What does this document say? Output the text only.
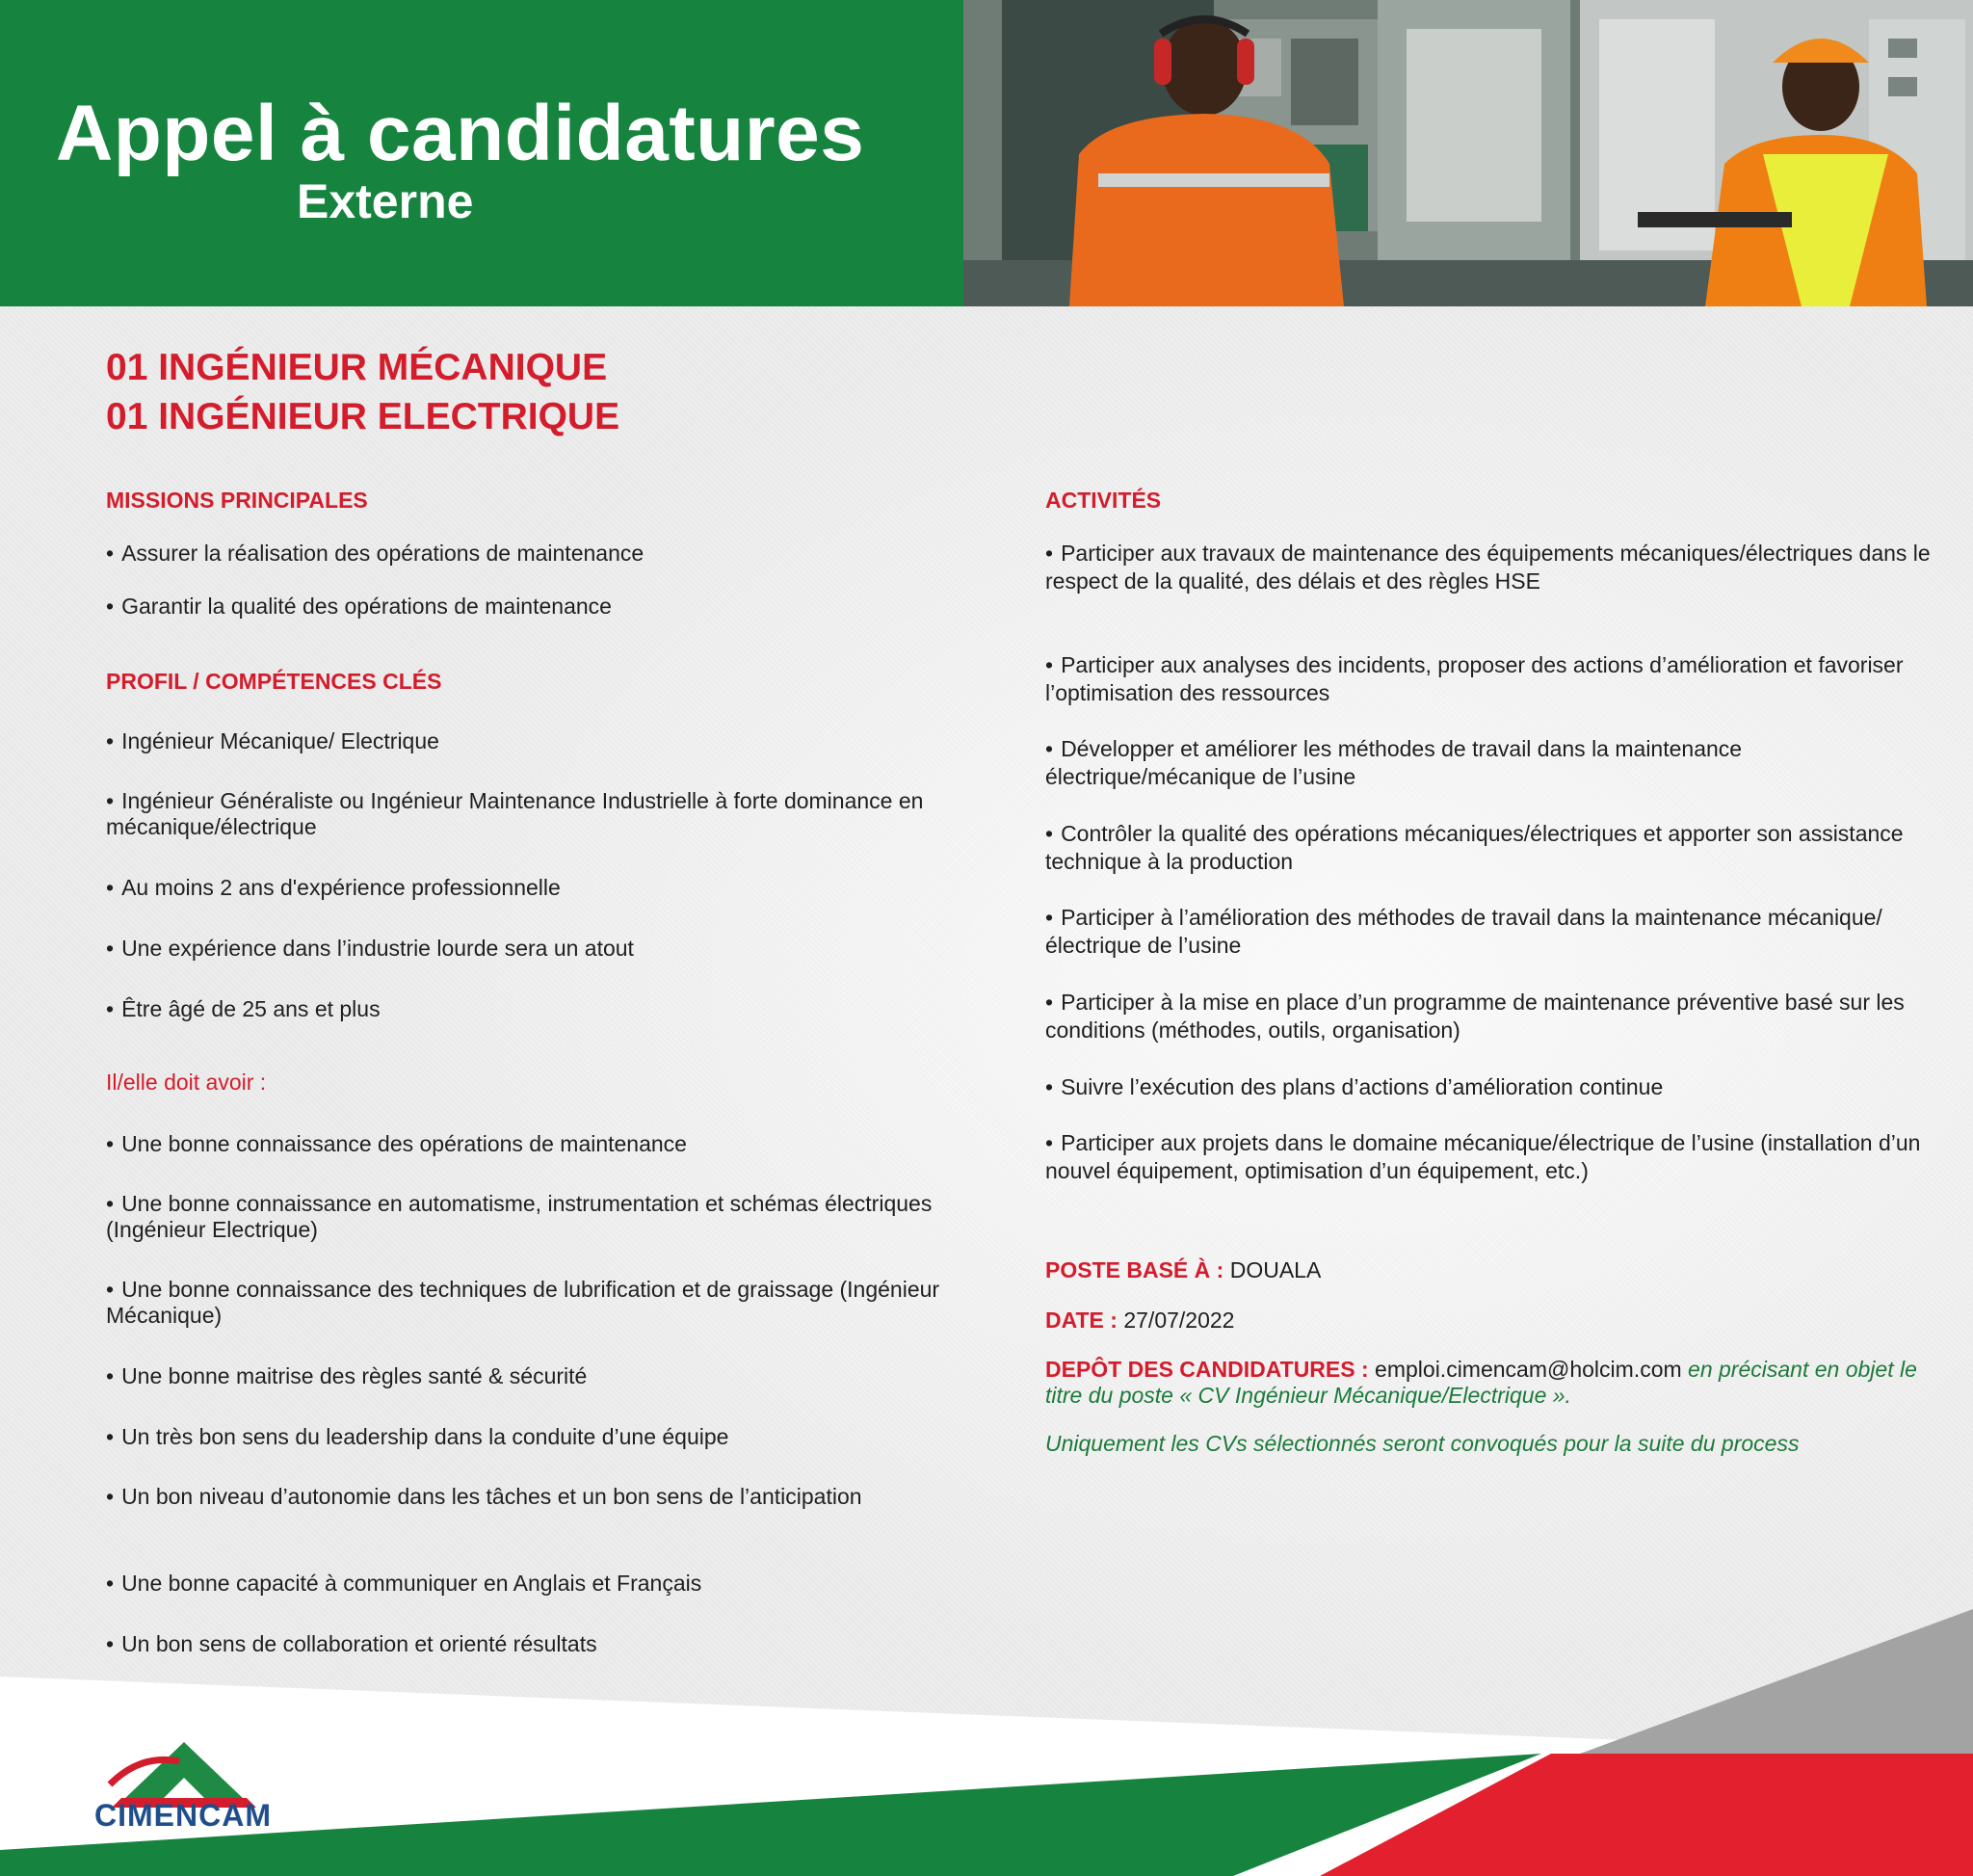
Appel à candidatures
Externe
01 INGÉNIEUR MÉCANIQUE
01 INGÉNIEUR ELECTRIQUE
MISSIONS PRINCIPALES
• Assurer la réalisation des opérations de maintenance
• Garantir la qualité des opérations de maintenance
PROFIL / COMPÉTENCES CLÉS
• Ingénieur Mécanique/ Electrique
• Ingénieur Généraliste ou Ingénieur Maintenance Industrielle à forte dominance en mécanique/électrique
• Au moins 2 ans d'expérience professionnelle
• Une expérience dans l’industrie lourde sera un atout
• Être âgé de 25 ans et plus
Il/elle doit avoir :
• Une bonne connaissance des opérations de maintenance
• Une bonne connaissance en automatisme, instrumentation et schémas électriques (Ingénieur Electrique)
• Une bonne connaissance des techniques de lubrification et de graissage (Ingénieur Mécanique)
• Une bonne maitrise des règles santé & sécurité
• Un très bon sens du leadership dans la conduite d’une équipe
• Un bon niveau d’autonomie dans les tâches et un bon sens de l’anticipation
• Une bonne capacité à communiquer en Anglais et Français
• Un bon sens de collaboration et orienté résultats
ACTIVITÉS
• Participer aux travaux de maintenance des équipements mécaniques/électriques dans le respect de la qualité, des délais et des règles HSE
• Participer aux analyses des incidents, proposer des actions d’amélioration et favoriser l’optimisation des ressources
• Développer et améliorer les méthodes de travail dans la maintenance électrique/mécanique de l’usine
• Contrôler la qualité des opérations mécaniques/électriques et apporter son assistance technique à la production
• Participer à l’amélioration des méthodes de travail dans la maintenance mécanique/électrique de l’usine
• Participer à la mise en place d’un programme de maintenance préventive basé sur les conditions (méthodes, outils, organisation)
• Suivre l’exécution des plans d’actions d’amélioration continue
• Participer aux projets dans le domaine mécanique/électrique de l’usine (installation d’un nouvel équipement, optimisation d’un équipement, etc.)
POSTE BASÉ À : DOUALA
DATE : 27/07/2022
DEPÔT DES CANDIDATURES : emploi.cimencam@holcim.com en précisant en objet le titre du poste « CV Ingénieur Mécanique/Electrique ».
Uniquement les CVs sélectionnés seront convoqués pour la suite du process
CIMENCAM
